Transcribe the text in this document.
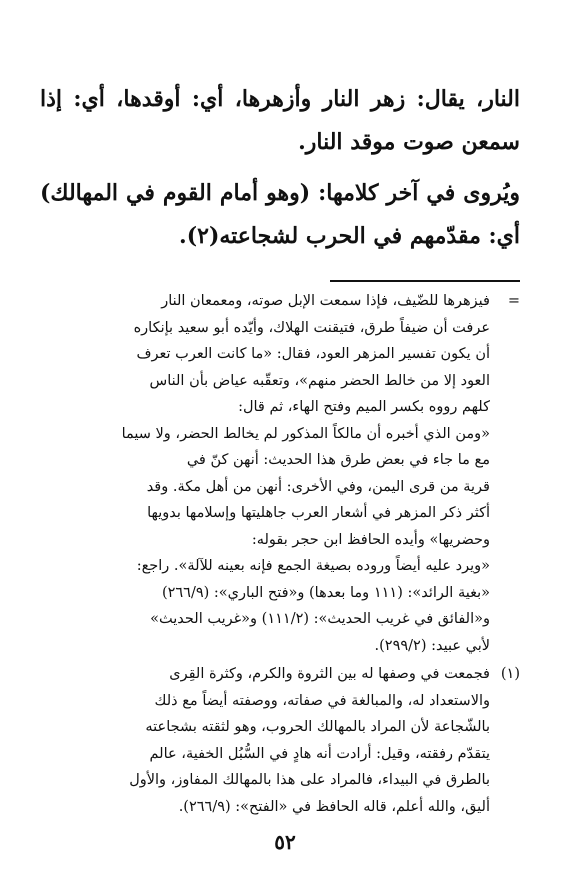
النار، يقال: زهر النار وأزهرها، أي: أوقدها، أي: إذا سمعن صوت موقد النار.

ويُروى في آخر كلامها: (وهو أمام القوم في المهالك) أي: مقدّمهم في الحرب لشجاعته(٢).

=
فيزهرها للضّيف، فإذا سمعت الإبل صوته، ومعمعان النار
عرفت أن ضيفاً طرق، فتيقنت الهلاك، وأيّده أبو سعيد بإنكاره
أن يكون تفسير المزهر العود، فقال: «ما كانت العرب تعرف
العود إلا من خالط الحضر منهم»، وتعقّبه عياض بأن الناس
كلهم رووه بكسر الميم وفتح الهاء، ثم قال:
«ومن الذي أخبره أن مالكاً المذكور لم يخالط الحضر، ولا سيما
مع ما جاء في بعض طرق هذا الحديث: أنهن كنّ في
قرية من قرى اليمن، وفي الأخرى: أنهن من أهل مكة. وقد
أكثر ذكر المزهر في أشعار العرب جاهليتها وإسلامها بدويها
وحضريها» وأيده الحافظ ابن حجر بقوله:
«ويرد عليه أيضاً وروده بصيغة الجمع فإنه بعينه للآلة». راجع:
«بغية الرائد»: (١١١ وما بعدها) و«فتح الباري»: (٢٦٦/٩)
و«الفائق في غريب الحديث»: (١١١/٢) و«غريب الحديث»
لأبي عبيد: (٢٩٩/٢).
(١)
فجمعت في وصفها له بين الثروة والكرم، وكثرة القِرى
والاستعداد له، والمبالغة في صفاته، ووصفته أيضاً مع ذلك
بالشّجاعة لأن المراد بالمهالك الحروب، وهو لثقته بشجاعته
يتقدّم رفقته، وقيل: أرادت أنه هادٍ في السُّبُل الخفية، عالم
بالطرق في البيداء، فالمراد على هذا بالمهالك المفاوز، والأول
أليق، والله أعلم، قاله الحافظ في «الفتح»: (٢٦٦/٩).
٥٢
